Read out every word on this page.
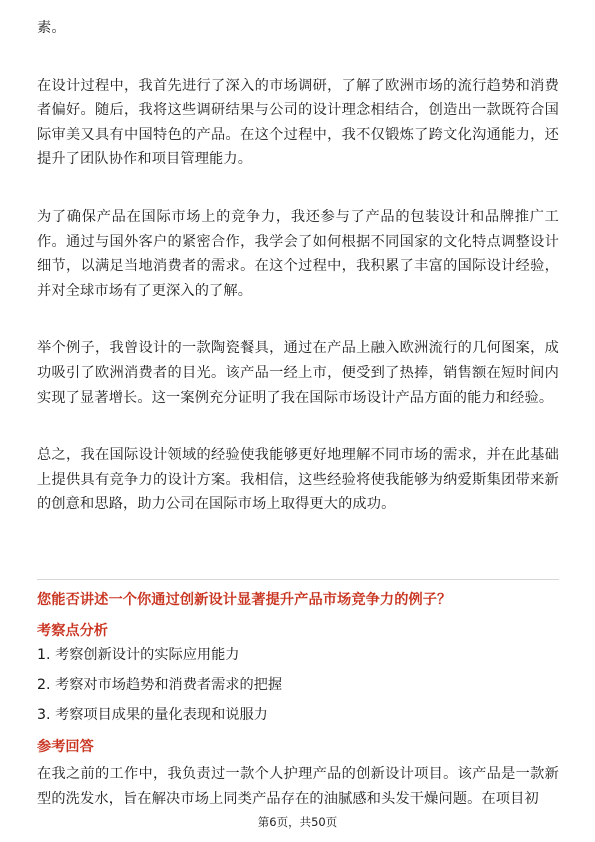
素。

在设计过程中，我首先进行了深入的市场调研，了解了欧洲市场的流行趋势和消费者偏好。随后，我将这些调研结果与公司的设计理念相结合，创造出一款既符合国际审美又具有中国特色的产品。在这个过程中，我不仅锻炼了跨文化沟通能力，还提升了团队协作和项目管理能力。

为了确保产品在国际市场上的竞争力，我还参与了产品的包装设计和品牌推广工作。通过与国外客户的紧密合作，我学会了如何根据不同国家的文化特点调整设计细节，以满足当地消费者的需求。在这个过程中，我积累了丰富的国际设计经验，并对全球市场有了更深入的了解。

举个例子，我曾设计的一款陶瓷餐具，通过在产品上融入欧洲流行的几何图案，成功吸引了欧洲消费者的目光。该产品一经上市，便受到了热捧，销售额在短时间内实现了显著增长。这一案例充分证明了我在国际市场设计产品方面的能力和经验。

总之，我在国际设计领域的经验使我能够更好地理解不同市场的需求，并在此基础上提供具有竞争力的设计方案。我相信，这些经验将使我能够为纳爱斯集团带来新的创意和思路，助力公司在国际市场上取得更大的成功。

您能否讲述一个你通过创新设计显著提升产品市场竞争力的例子？
考察点分析
1. 考察创新设计的实际应用能力
2. 考察对市场趋势和消费者需求的把握
3. 考察项目成果的量化表现和说服力
参考回答

在我之前的工作中，我负责过一款个人护理产品的创新设计项目。该产品是一款新型的洗发水，旨在解决市场上同类产品存在的油腻感和头发干燥问题。在项目初

第6页，共50页
